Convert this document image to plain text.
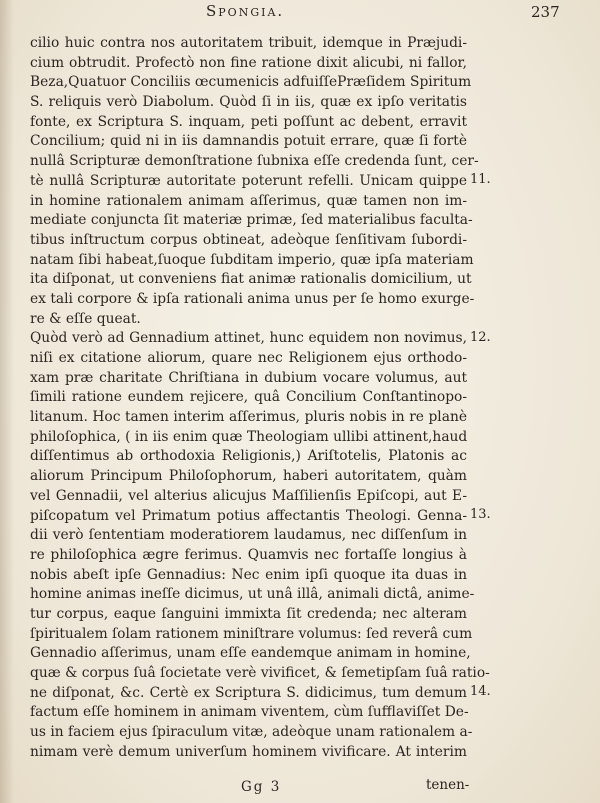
Spongia.	237
cilio huic contra nos autoritatem tribuit, idemque in Præjudi-
cium obtrudit. Profectò non fine ratione dixit alicubi, ni fallor,
Beza,Quatuor Conciliis œcumenicis adfuiſſePræſidem Spiritum
S. reliquis verò Diabolum. Quòd ſi in iis, quæ ex ipſo veritatis
fonte, ex Scriptura S. inquam, peti poſſunt ac debent, erravit
Concilium; quid ni in iis damnandis potuit errare, quæ ſi fortè
nullâ Scripturæ demonſtratione ſubnixa eſſe credenda ſunt, cer-
tè nullâ Scripturæ autoritate poterunt refelli. Unicam quippe
in homine rationalem animam aſſerimus, quæ tamen non im-
mediate conjuncta ſit materiæ primæ, ſed materialibus faculta-
tibus inſtructum corpus obtineat, adeòque ſenſitivam ſubordi-
natam ſibi habeat,ſuoque ſubditam imperio, quæ ipſa materiam
ita diſponat, ut conveniens fiat animæ rationalis domicilium, ut
ex tali corpore & ipſa rationali anima unus per ſe homo exurge-
re & eſſe queat.
Quòd verò ad Gennadium attinet, hunc equidem non novimus,
niſi ex citatione aliorum, quare nec Religionem ejus orthodo-
xam præ charitate Chriſtiana in dubium vocare volumus, aut
ſimili ratione eundem rejicere, quâ Concilium Conſtantinopo-
litanum. Hoc tamen interim aſſerimus, pluris nobis in re planè
philoſophica, ( in iis enim quæ Theologiam ullibi attinent,haud
diſſentimus ab orthodoxia Religionis,) Ariſtotelis, Platonis ac
aliorum Principum Philoſophorum, haberi autoritatem, quàm
vel Gennadii, vel alterius alicujus Maſſilienſis Epiſcopi, aut E-
piſcopatum vel Primatum potius affectantis Theologi. Genna-
dii verò ſententiam moderatiorem laudamus, nec diſſenſum in
re philoſophica ægre ferimus. Quamvis nec fortaſſe longius à
nobis abeſt ipſe Gennadius: Nec enim ipſi quoque ita duas in
homine animas ineſſe dicimus, ut unâ illâ, animali dictâ, anime-
tur corpus, eaque ſanguini immixta ſit credenda; nec alteram
ſpiritualem ſolam rationem miniſtrare volumus: ſed reverâ cum
Gennadio aſſerimus, unam eſſe eandemque animam in homine,
quæ & corpus ſuâ ſocietate verè vivificet, & ſemetipſam ſuâ ratio-
ne diſponat, &c. Certè ex Scriptura S. didicimus, tum demum
factum eſſe hominem in animam viventem, cùm ſufflaviſſet De-
us in faciem ejus ſpiraculum vitæ, adeòque unam rationalem a-
nimam verè demum univerſum hominem vivificare. At interim
11.
12.
13.
14.
Gg 3	tenen-
